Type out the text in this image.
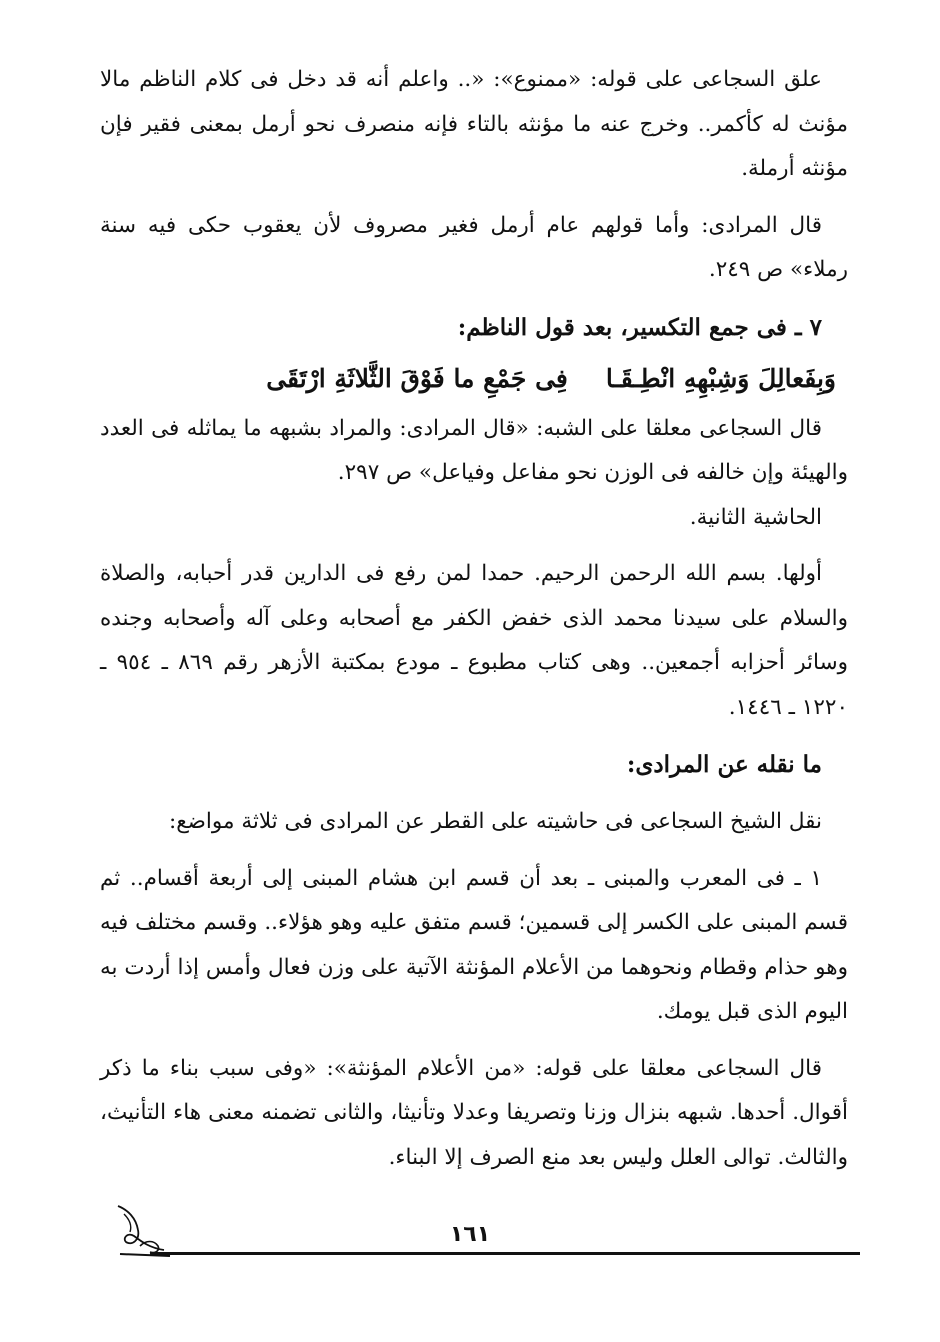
علق السجاعى على قوله: «ممنوع»: «.. واعلم أنه قد دخل فى كلام الناظم مالا مؤنث له كأكمر.. وخرج عنه ما مؤنثه بالتاء فإنه منصرف نحو أرمل بمعنى فقير فإن مؤنثه أرملة.

قال المرادى: وأما قولهم عام أرمل فغير مصروف لأن يعقوب حكى فيه سنة رملاء» ص ٢٤٩.

٧ ـ فى جمع التكسير، بعد قول الناظم:

وَبِفَعالِلَ وَشِبْهِهِ انْطِـقَـا
فِى جَمْعِ ما فَوْقَ الثَّلاثَةِ ارْتَقَى

قال السجاعى معلقا على الشبه: «قال المرادى: والمراد بشبهه ما يماثله فى العدد والهيئة وإن خالفه فى الوزن نحو مفاعل وفياعل» ص ٢٩٧.

الحاشية الثانية.

أولها. بسم الله الرحمن الرحيم. حمدا لمن رفع فى الدارين قدر أحبابه، والصلاة والسلام على سيدنا محمد الذى خفض الكفر مع أصحابه وعلى آله وأصحابه وجنده وسائر أحزابه أجمعين.. وهى كتاب مطبوع ـ مودع بمكتبة الأزهر رقم ٨٦٩ ـ ٩٥٤ ـ ١٢٢٠ ـ ١٤٤٦.

ما نقله عن المرادى:

نقل الشيخ السجاعى فى حاشيته على القطر عن المرادى فى ثلاثة مواضع:

١ ـ فى المعرب والمبنى ـ بعد أن قسم ابن هشام المبنى إلى أربعة أقسام.. ثم قسم المبنى على الكسر إلى قسمين؛ قسم متفق عليه وهو هؤلاء.. وقسم مختلف فيه وهو حذام وقطام ونحوهما من الأعلام المؤنثة الآتية على وزن فعال وأمس إذا أردت به اليوم الذى قبل يومك.

قال السجاعى معلقا على قوله: «من الأعلام المؤنثة»: «وفى سبب بناء ما ذكر أقوال. أحدها. شبهه بنزال وزنا وتصريفا وعدلا وتأنيثا، والثانى تضمنه معنى هاء التأنيث، والثالث. توالى العلل وليس بعد منع الصرف إلا البناء.

١٦١
